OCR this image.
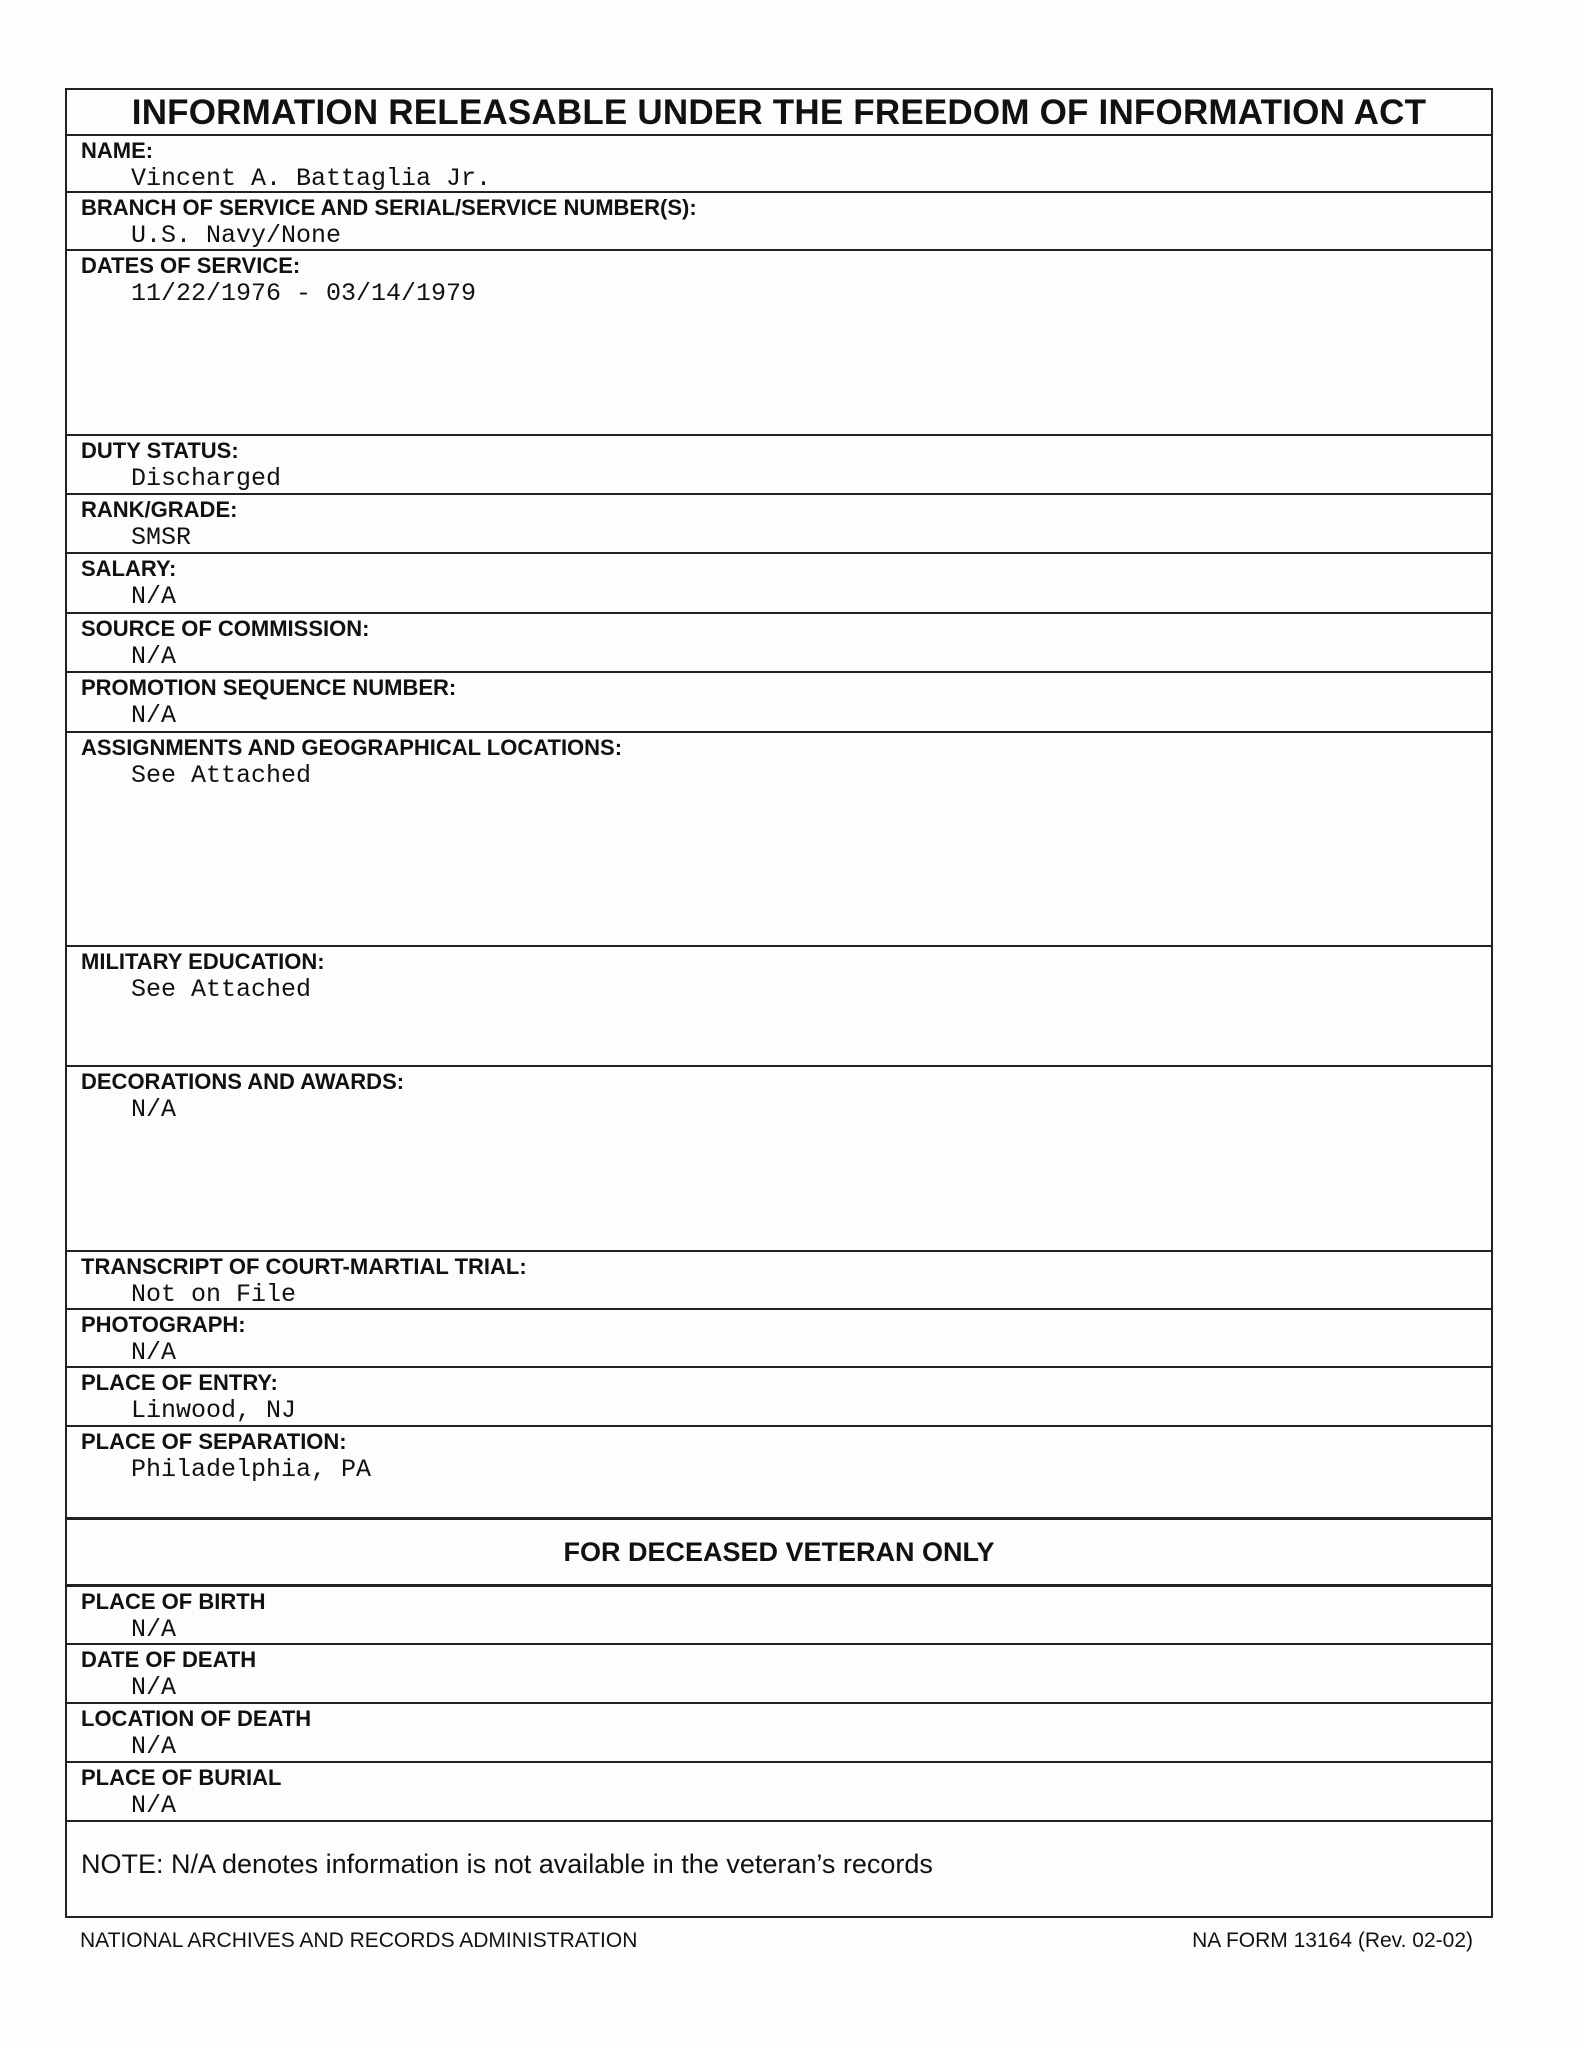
INFORMATION RELEASABLE UNDER THE FREEDOM OF INFORMATION ACT
NAME:
Vincent A. Battaglia Jr.
BRANCH OF SERVICE AND SERIAL/SERVICE NUMBER(S):
U.S. Navy/None
DATES OF SERVICE:
11/22/1976 - 03/14/1979
DUTY STATUS:
Discharged
RANK/GRADE:
SMSR
SALARY:
N/A
SOURCE OF COMMISSION:
N/A
PROMOTION SEQUENCE NUMBER:
N/A
ASSIGNMENTS AND GEOGRAPHICAL LOCATIONS:
See Attached
MILITARY EDUCATION:
See Attached
DECORATIONS AND AWARDS:
N/A
TRANSCRIPT OF COURT-MARTIAL TRIAL:
Not on File
PHOTOGRAPH:
N/A
PLACE OF ENTRY:
Linwood, NJ
PLACE OF SEPARATION:
Philadelphia, PA
FOR DECEASED VETERAN ONLY
PLACE OF BIRTH
N/A
DATE OF DEATH
N/A
LOCATION OF DEATH
N/A
PLACE OF BURIAL
N/A
NOTE: N/A denotes information is not available in the veteran’s records
NATIONAL ARCHIVES AND RECORDS ADMINISTRATION	NA FORM 13164 (Rev. 02-02)
